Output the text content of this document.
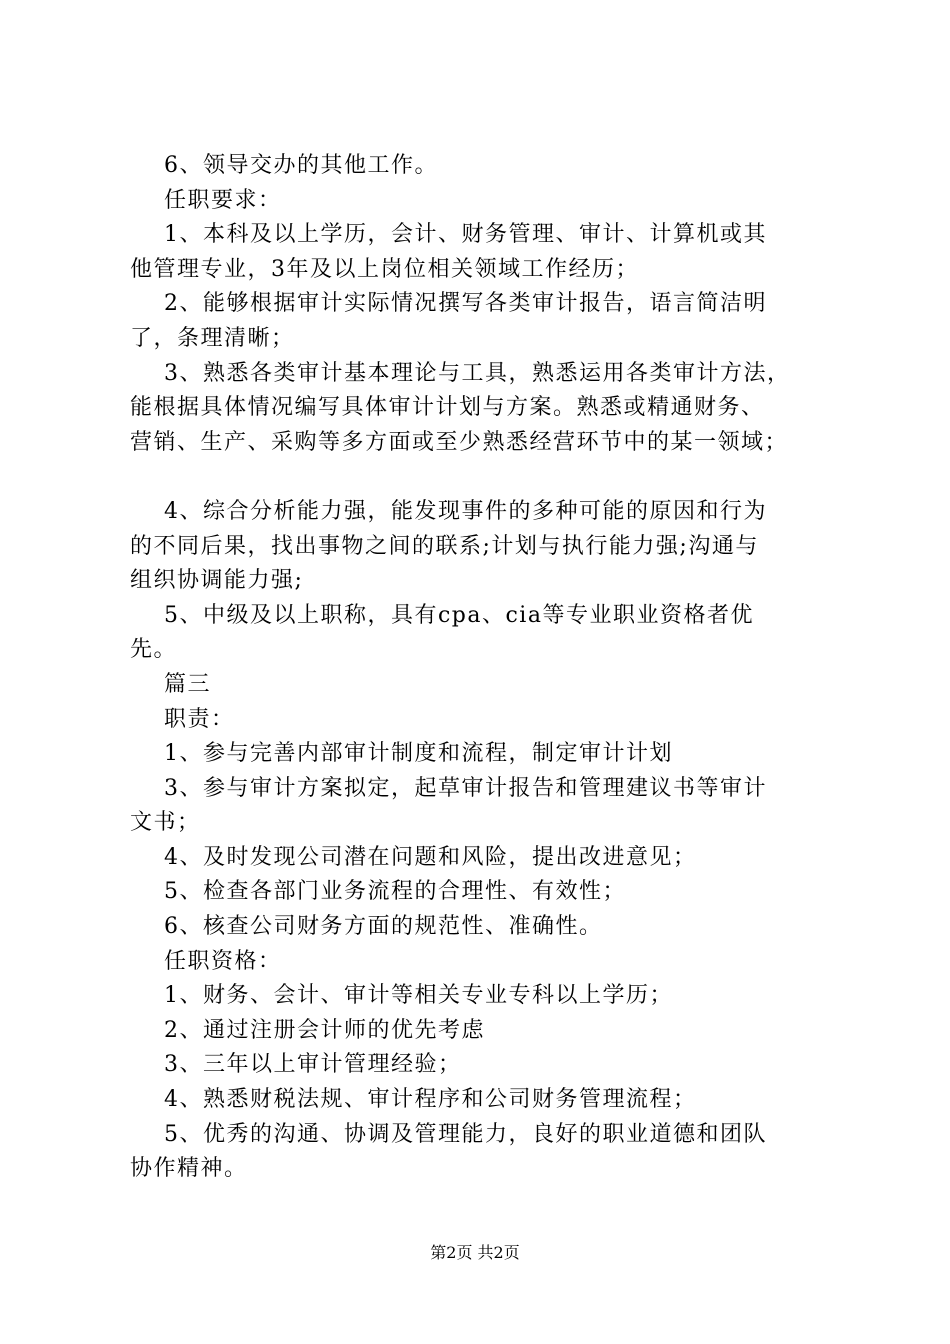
6、领导交办的其他工作。
任职要求：
1、本科及以上学历，会计、财务管理、审计、计算机或其
他管理专业，3年及以上岗位相关领域工作经历；
2、能够根据审计实际情况撰写各类审计报告，语言简洁明
了，条理清晰；
3、熟悉各类审计基本理论与工具，熟悉运用各类审计方法，
能根据具体情况编写具体审计计划与方案。熟悉或精通财务、
营销、生产、采购等多方面或至少熟悉经营环节中的某一领域；
4、综合分析能力强，能发现事件的多种可能的原因和行为
的不同后果，找出事物之间的联系;计划与执行能力强;沟通与
组织协调能力强;
5、中级及以上职称，具有cpa、cia等专业职业资格者优
先。
篇三
职责：
1、参与完善内部审计制度和流程，制定审计计划
3、参与审计方案拟定，起草审计报告和管理建议书等审计
文书；
4、及时发现公司潜在问题和风险，提出改进意见；
5、检查各部门业务流程的合理性、有效性；
6、核查公司财务方面的规范性、准确性。
任职资格：
1、财务、会计、审计等相关专业专科以上学历；
2、通过注册会计师的优先考虑
3、三年以上审计管理经验；
4、熟悉财税法规、审计程序和公司财务管理流程；
5、优秀的沟通、协调及管理能力，良好的职业道德和团队
协作精神。
第2页 共2页
